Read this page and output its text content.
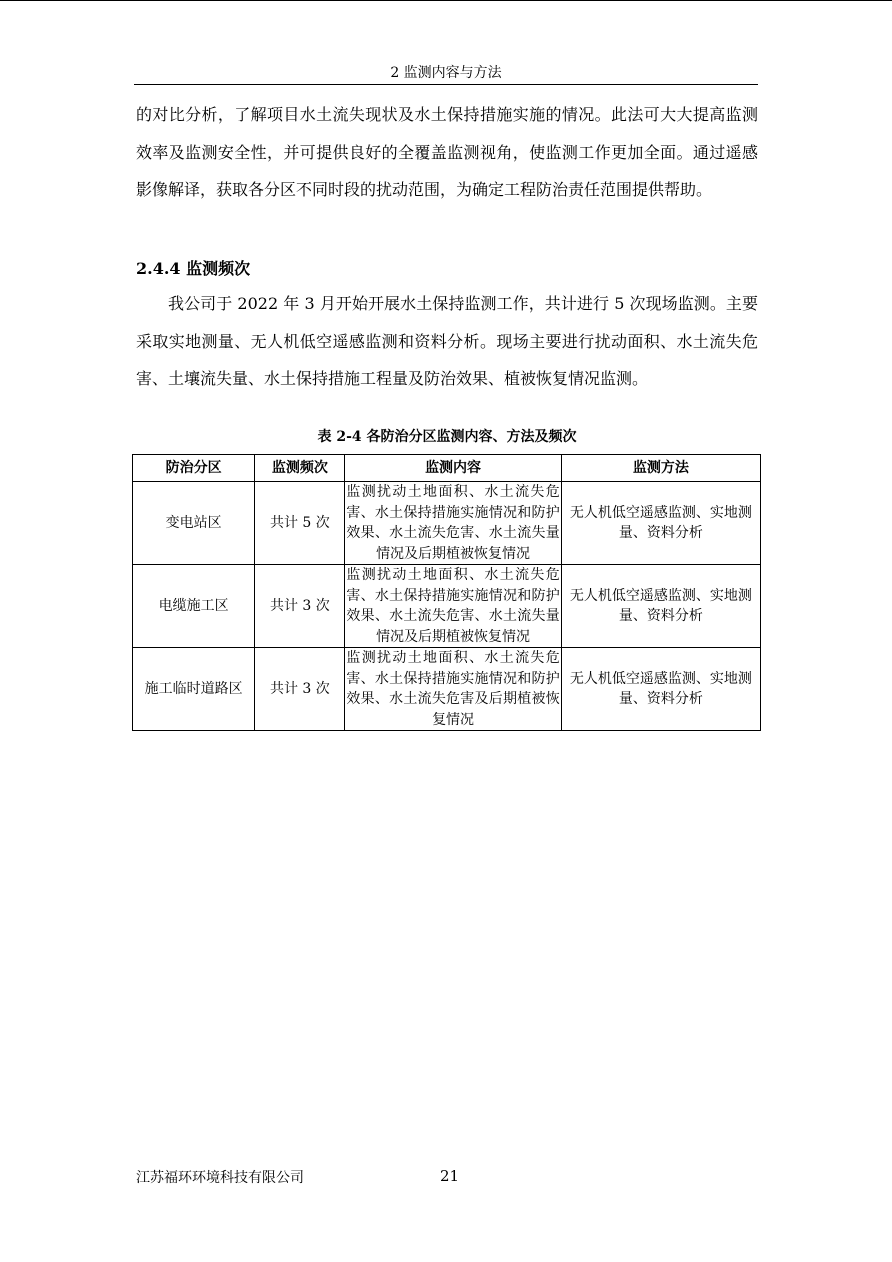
2 监测内容与方法

的对比分析，了解项目水土流失现状及水土保持措施实施的情况。此法可大大提高监测效率及监测安全性，并可提供良好的全覆盖监测视角，使监测工作更加全面。通过遥感影像解译，获取各分区不同时段的扰动范围，为确定工程防治责任范围提供帮助。

2.4.4 监测频次

我公司于 2022 年 3 月开始开展水土保持监测工作，共计进行 5 次现场监测。主要采取实地测量、无人机低空遥感监测和资料分析。现场主要进行扰动面积、水土流失危害、土壤流失量、水土保持措施工程量及防治效果、植被恢复情况监测。

表 2-4 各防治分区监测内容、方法及频次
防治分区	监测频次	监测内容	监测方法
变电站区	共计 5 次	监测扰动土地面积、水土流失危害、水土保持措施实施情况和防护效果、水土流失危害、水土流失量情况及后期植被恢复情况	无人机低空遥感监测、实地测量、资料分析
电缆施工区	共计 3 次	监测扰动土地面积、水土流失危害、水土保持措施实施情况和防护效果、水土流失危害、水土流失量情况及后期植被恢复情况	无人机低空遥感监测、实地测量、资料分析
施工临时道路区	共计 3 次	监测扰动土地面积、水土流失危害、水土保持措施实施情况和防护效果、水土流失危害及后期植被恢复情况	无人机低空遥感监测、实地测量、资料分析
江苏福环环境科技有限公司	21
